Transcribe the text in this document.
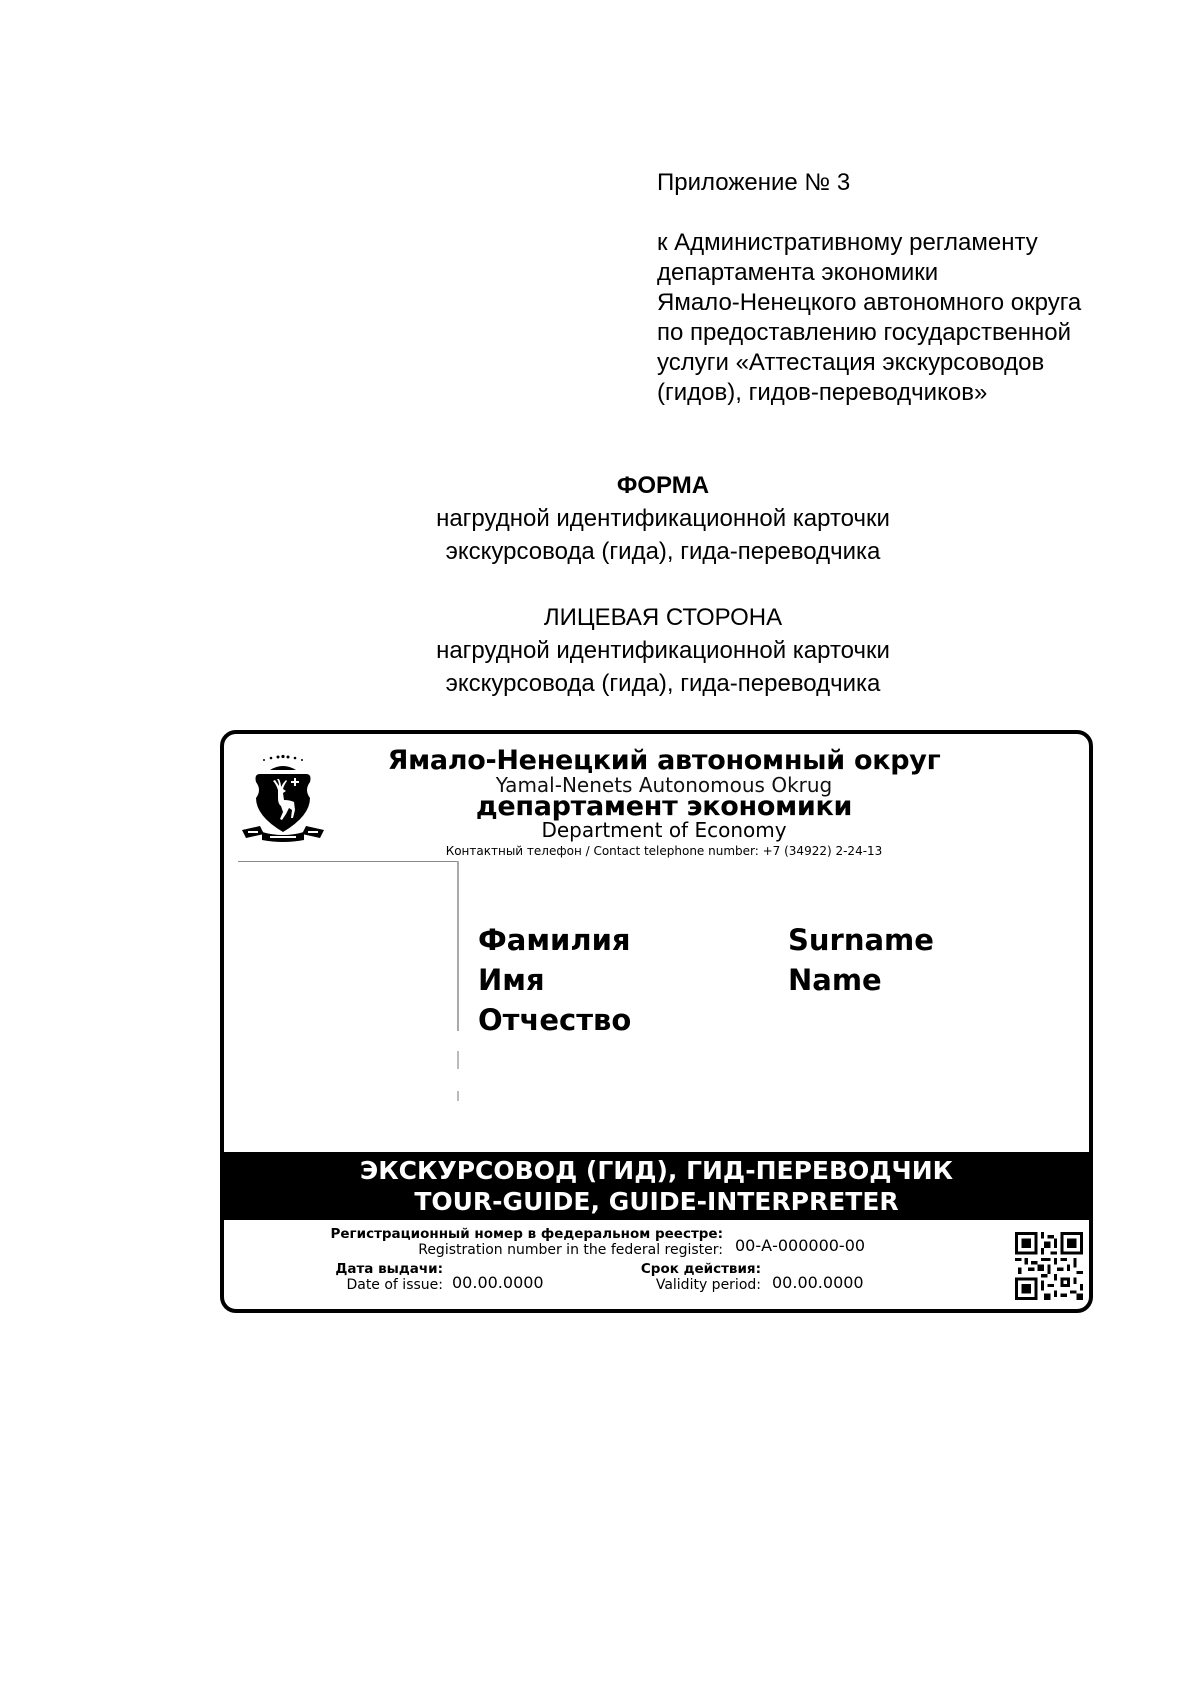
Приложение № 3
к Административному регламенту
департамента экономики
Ямало-Ненецкого автономного округа
по предоставлению государственной
услуги «Аттестация экскурсоводов
(гидов), гидов-переводчиков»
ФОРМА
нагрудной идентификационной карточки
экскурсовода (гида), гида-переводчика
ЛИЦЕВАЯ СТОРОНА
нагрудной идентификационной карточки
экскурсовода (гида), гида-переводчика
Ямало-Ненецкий автономный округ
Yamal-Nenets Autonomous Okrug
департамент экономики
Department of Economy
Контактный телефон / Contact telephone number: +7 (34922) 2-24-13
Фамилия
Имя
Отчество
Surname
Name
ЭКСКУРСОВОД (ГИД), ГИД-ПЕРЕВОДЧИК
TOUR-GUIDE, GUIDE-INTERPRETER
Регистрационный номер в федеральном реестре:
Registration number in the federal register: 00-А-000000-00
Дата выдачи:
Date of issue: 00.00.0000
Срок действия:
Validity period: 00.00.0000
